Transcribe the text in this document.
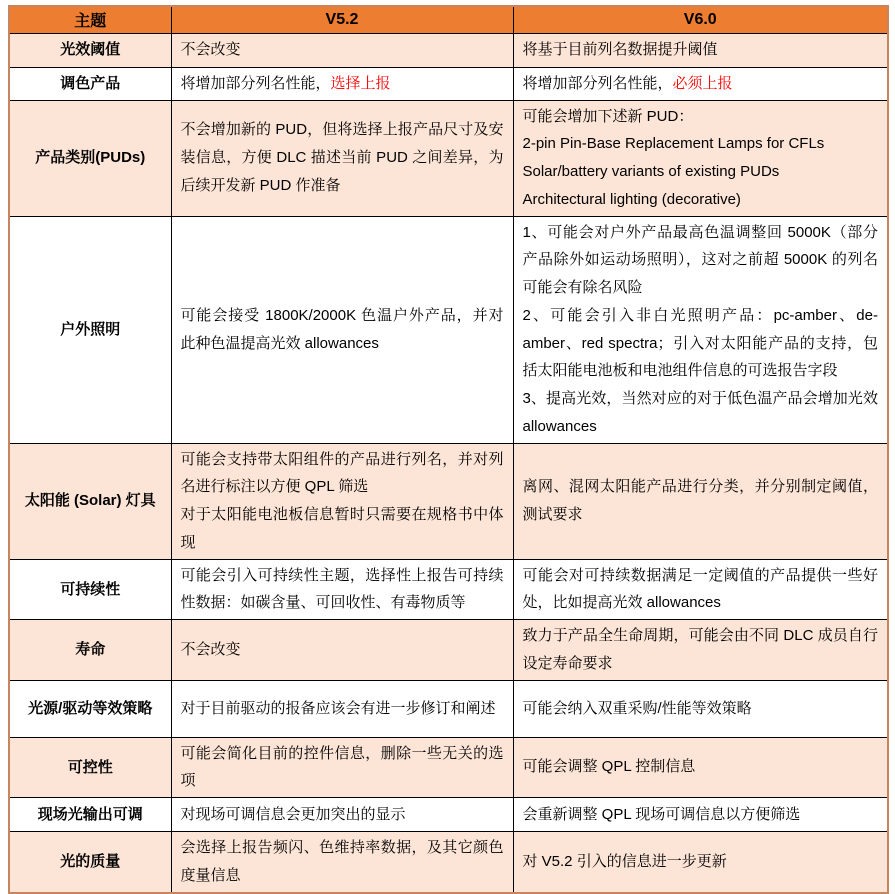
主题	V5.2	V6.0
光效阈值	不会改变	将基于目前列名数据提升阈值
调色产品	将增加部分列名性能，选择上报	将增加部分列名性能，必须上报
产品类别(PUDs)	不会增加新的 PUD，但将选择上报产品尺寸及安装信息，方便 DLC 描述当前 PUD 之间差异，为后续开发新 PUD 作准备	可能会增加下述新 PUD：
2-pin Pin-Base Replacement Lamps for CFLs
Solar/battery variants of existing PUDs
Architectural lighting (decorative)

户外照明	可能会接受 1800K/2000K 色温户外产品，并对此种色温提高光效 allowances	1、可能会对户外产品最高色温调整回 5000K（部分产品除外如运动场照明），这对之前超 5000K 的列名可能会有除名风险
2、可能会引入非白光照明产品：pc-amber、de-amber、red spectra；引入对太阳能产品的支持，包括太阳能电池板和电池组件信息的可选报告字段
3、提高光效，当然对应的对于低色温产品会增加光效 allowances

太阳能 (Solar) 灯具	可能会支持带太阳组件的产品进行列名，并对列名进行标注以方便 QPL 筛选
对于太阳能电池板信息暂时只需要在规格书中体现	离网、混网太阳能产品进行分类，并分别制定阈值，测试要求
可持续性	可能会引入可持续性主题，选择性上报告可持续性数据：如碳含量、可回收性、有毒物质等	可能会对可持续数据满足一定阈值的产品提供一些好处，比如提高光效 allowances
寿命	不会改变	致力于产品全生命周期，可能会由不同 DLC 成员自行设定寿命要求
光源/驱动等效策略	对于目前驱动的报备应该会有进一步修订和阐述	可能会纳入双重采购/性能等效策略
可控性	可能会简化目前的控件信息，删除一些无关的选项	可能会调整 QPL 控制信息
现场光输出可调	对现场可调信息会更加突出的显示	会重新调整 QPL 现场可调信息以方便筛选
光的质量	会选择上报告频闪、色维持率数据，及其它颜色度量信息	对 V5.2 引入的信息进一步更新
